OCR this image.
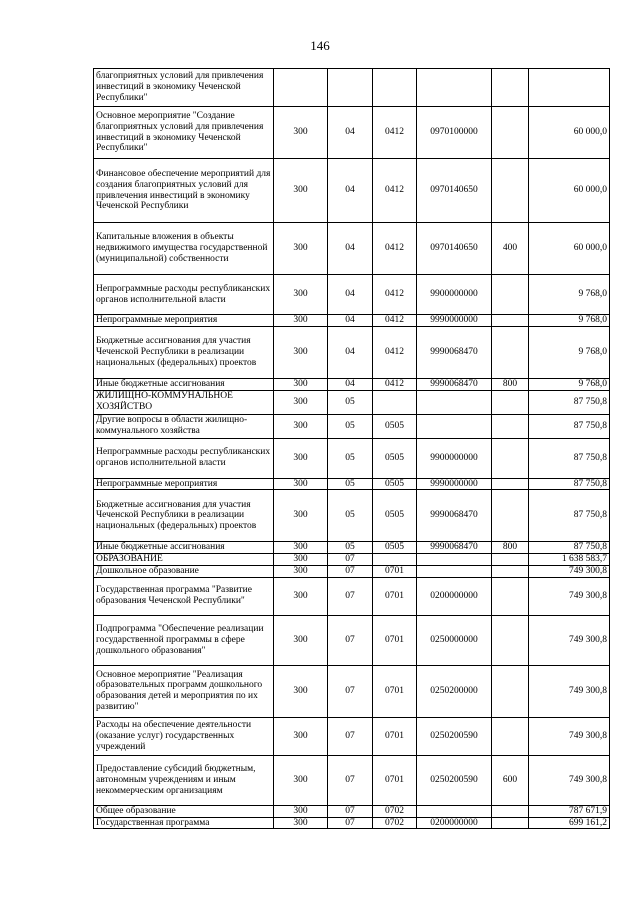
146
благоприятных условий для привлечения инвестиций в экономику Чеченской Республики"						
Основное мероприятие "Создание благоприятных условий для привлечения инвестиций в экономику Чеченской Республики"	300	04	0412	0970100000		60 000,0
Финансовое обеспечение мероприятий для создания благоприятных условий для привлечения инвестиций в экономику Чеченской Республики	300	04	0412	0970140650		60 000,0
Капитальные вложения в объекты недвижимого имущества государственной (муниципальной) собственности	300	04	0412	0970140650	400	60 000,0
Непрограммные расходы республиканских органов исполнительной власти	300	04	0412	9900000000		9 768,0
Непрограммные мероприятия	300	04	0412	9990000000		9 768,0
Бюджетные ассигнования для участия Чеченской Республики в реализации национальных (федеральных) проектов	300	04	0412	9990068470		9 768,0
Иные бюджетные ассигнования	300	04	0412	9990068470	800	9 768,0
ЖИЛИЩНО-КОММУНАЛЬНОЕ ХОЗЯЙСТВО	300	05				87 750,8
Другие вопросы в области жилищно-коммунального хозяйства	300	05	0505			87 750,8
Непрограммные расходы республиканских органов исполнительной власти	300	05	0505	9900000000		87 750,8
Непрограммные мероприятия	300	05	0505	9990000000		87 750,8
Бюджетные ассигнования для участия Чеченской Республики в реализации национальных (федеральных) проектов	300	05	0505	9990068470		87 750,8
Иные бюджетные ассигнования	300	05	0505	9990068470	800	87 750,8
ОБРАЗОВАНИЕ	300	07				1 638 583,7
Дошкольное образование	300	07	0701			749 300,8
Государственная программа "Развитие образования Чеченской Республики"	300	07	0701	0200000000		749 300,8
Подпрограмма "Обеспечение реализации государственной программы в сфере дошкольного образования"	300	07	0701	0250000000		749 300,8
Основное мероприятие "Реализация образовательных программ дошкольного образования детей и мероприятия по их развитию"	300	07	0701	0250200000		749 300,8
Расходы на обеспечение деятельности (оказание услуг) государственных учреждений	300	07	0701	0250200590		749 300,8
Предоставление субсидий бюджетным, автономным учреждениям и иным некоммерческим организациям	300	07	0701	0250200590	600	749 300,8
Общее образование	300	07	0702			787 671,9
Государственная программа	300	07	0702	0200000000		699 161,2
